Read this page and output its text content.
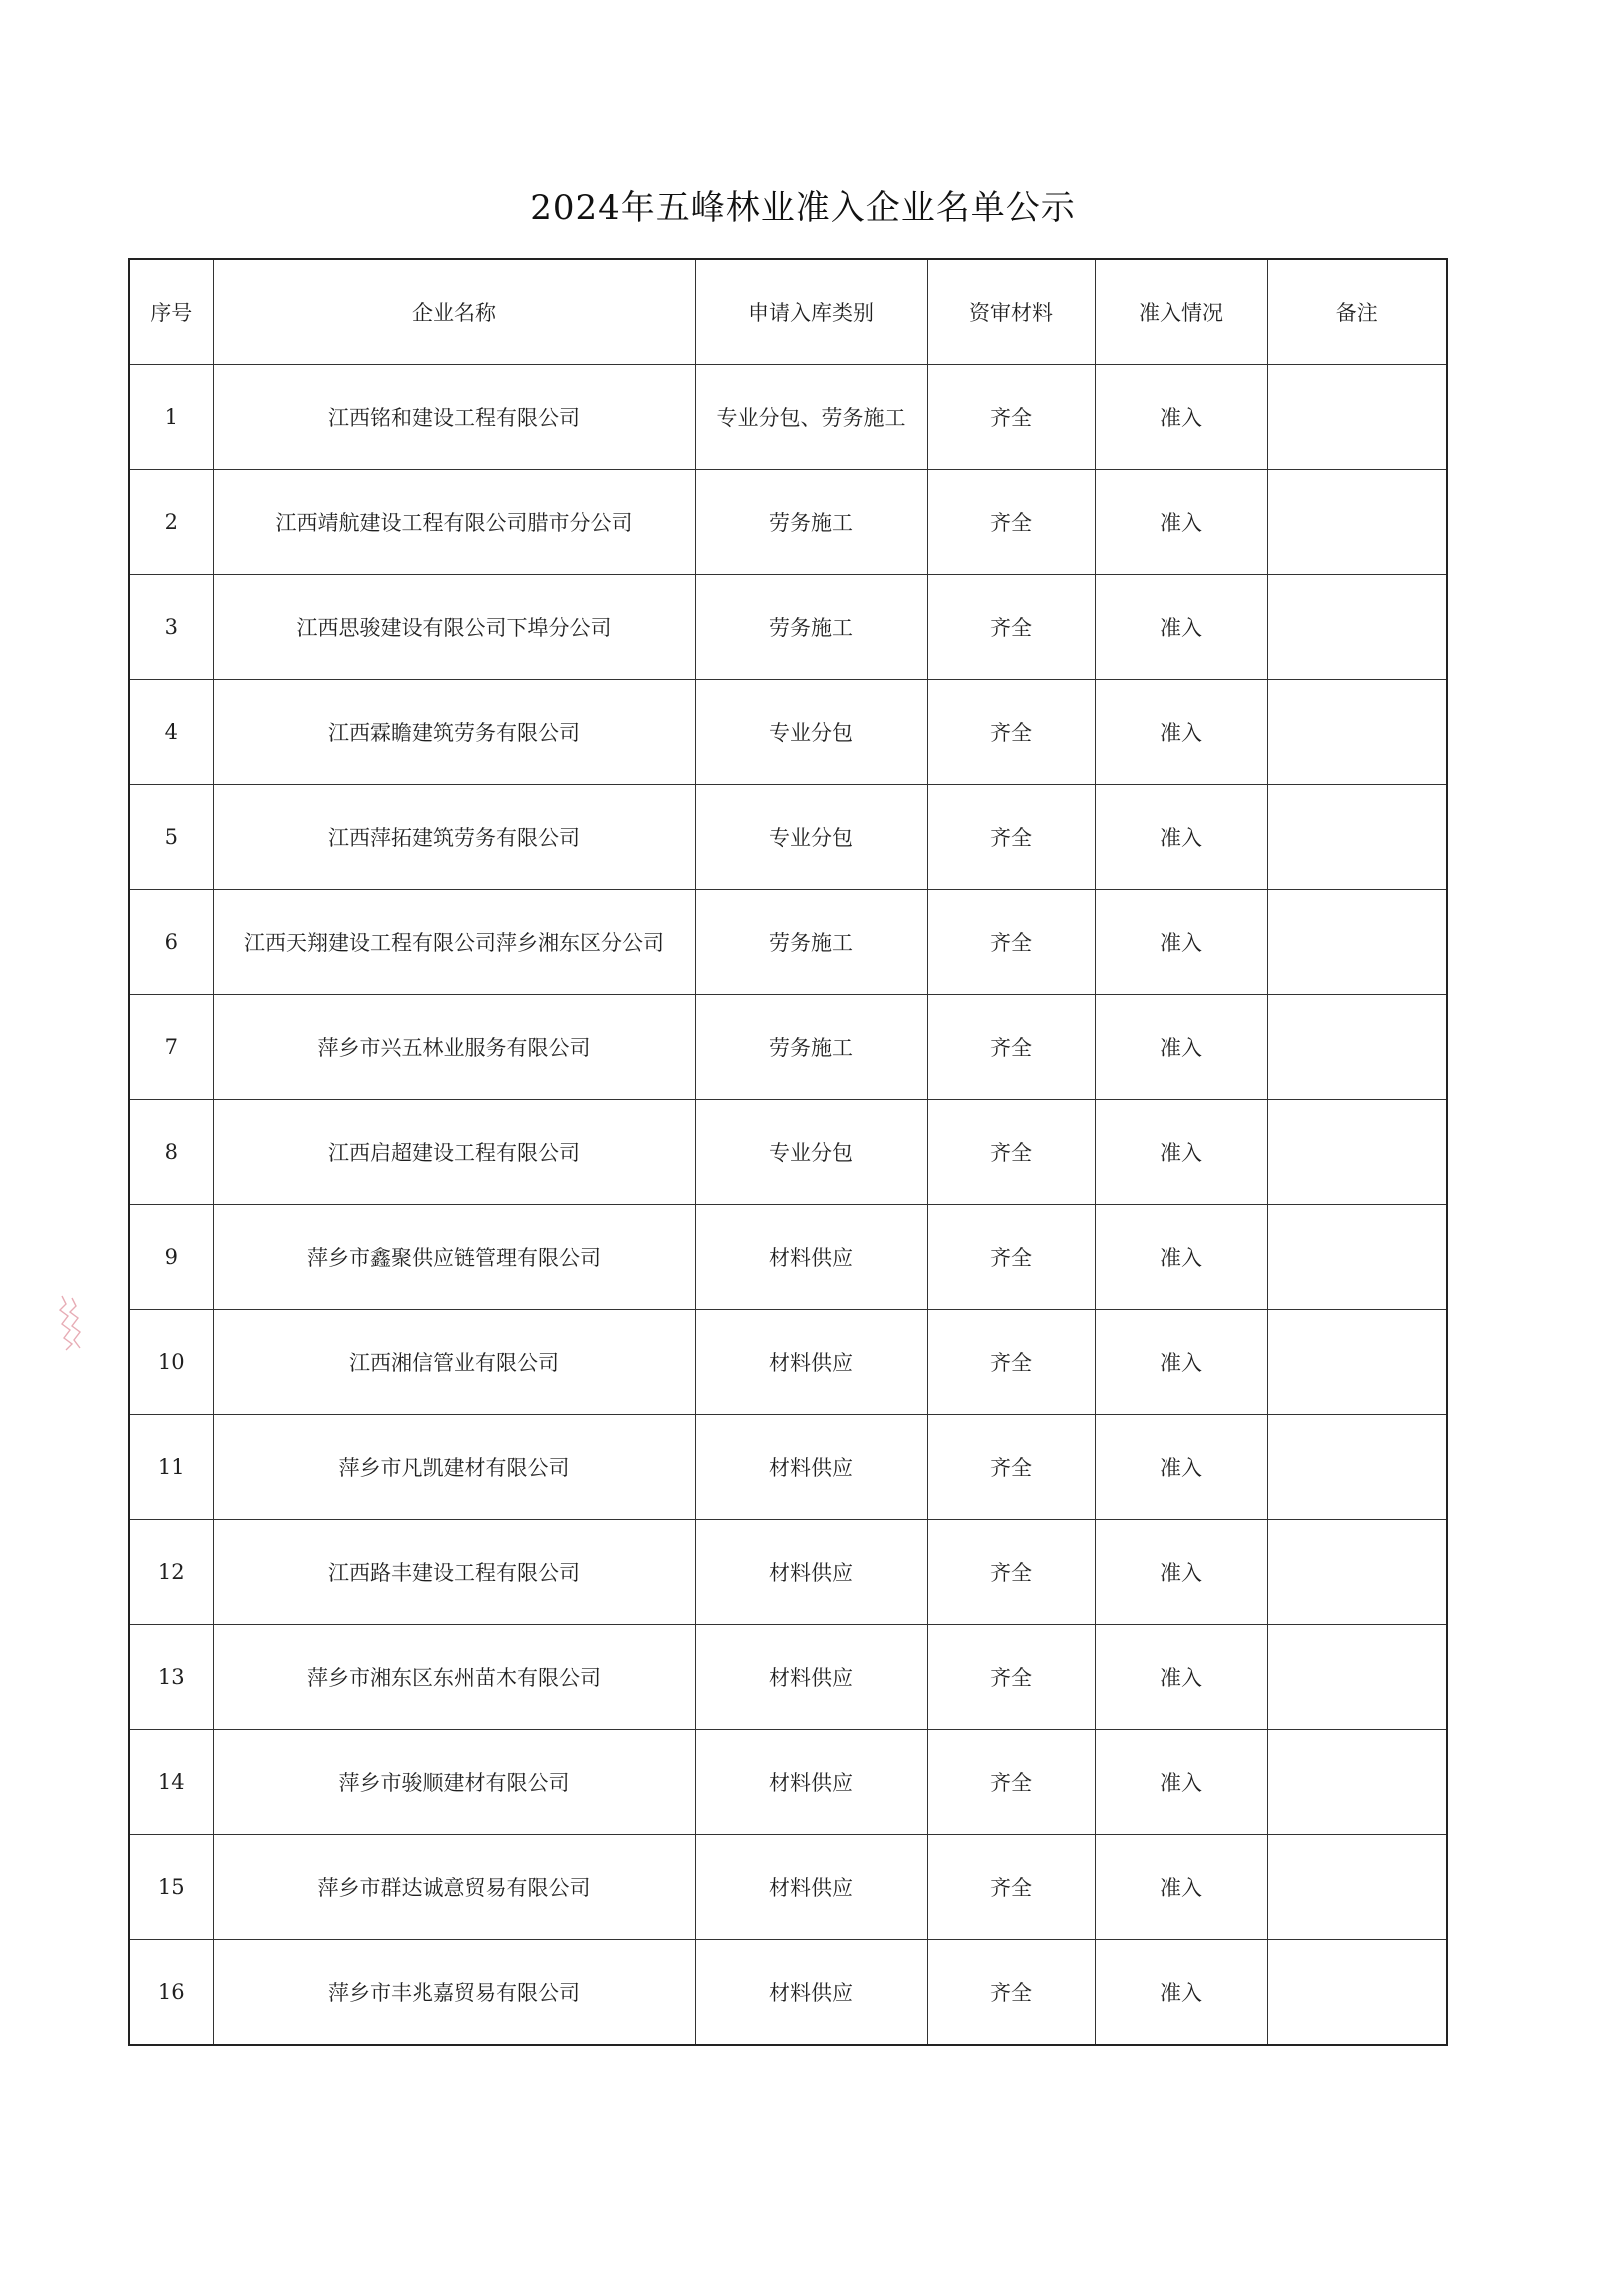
2024年五峰林业准入企业名单公示
序号	企业名称	申请入库类别	资审材料	准入情况	备注
1	江西铭和建设工程有限公司	专业分包、劳务施工	齐全	准入	
2	江西靖航建设工程有限公司腊市分公司	劳务施工	齐全	准入	
3	江西思骏建设有限公司下埠分公司	劳务施工	齐全	准入	
4	江西霖瞻建筑劳务有限公司	专业分包	齐全	准入	
5	江西萍拓建筑劳务有限公司	专业分包	齐全	准入	
6	江西天翔建设工程有限公司萍乡湘东区分公司	劳务施工	齐全	准入	
7	萍乡市兴五林业服务有限公司	劳务施工	齐全	准入	
8	江西启超建设工程有限公司	专业分包	齐全	准入	
9	萍乡市鑫聚供应链管理有限公司	材料供应	齐全	准入	
10	江西湘信管业有限公司	材料供应	齐全	准入	
11	萍乡市凡凯建材有限公司	材料供应	齐全	准入	
12	江西路丰建设工程有限公司	材料供应	齐全	准入	
13	萍乡市湘东区东州苗木有限公司	材料供应	齐全	准入	
14	萍乡市骏顺建材有限公司	材料供应	齐全	准入	
15	萍乡市群达诚意贸易有限公司	材料供应	齐全	准入	
16	萍乡市丰兆嘉贸易有限公司	材料供应	齐全	准入	
